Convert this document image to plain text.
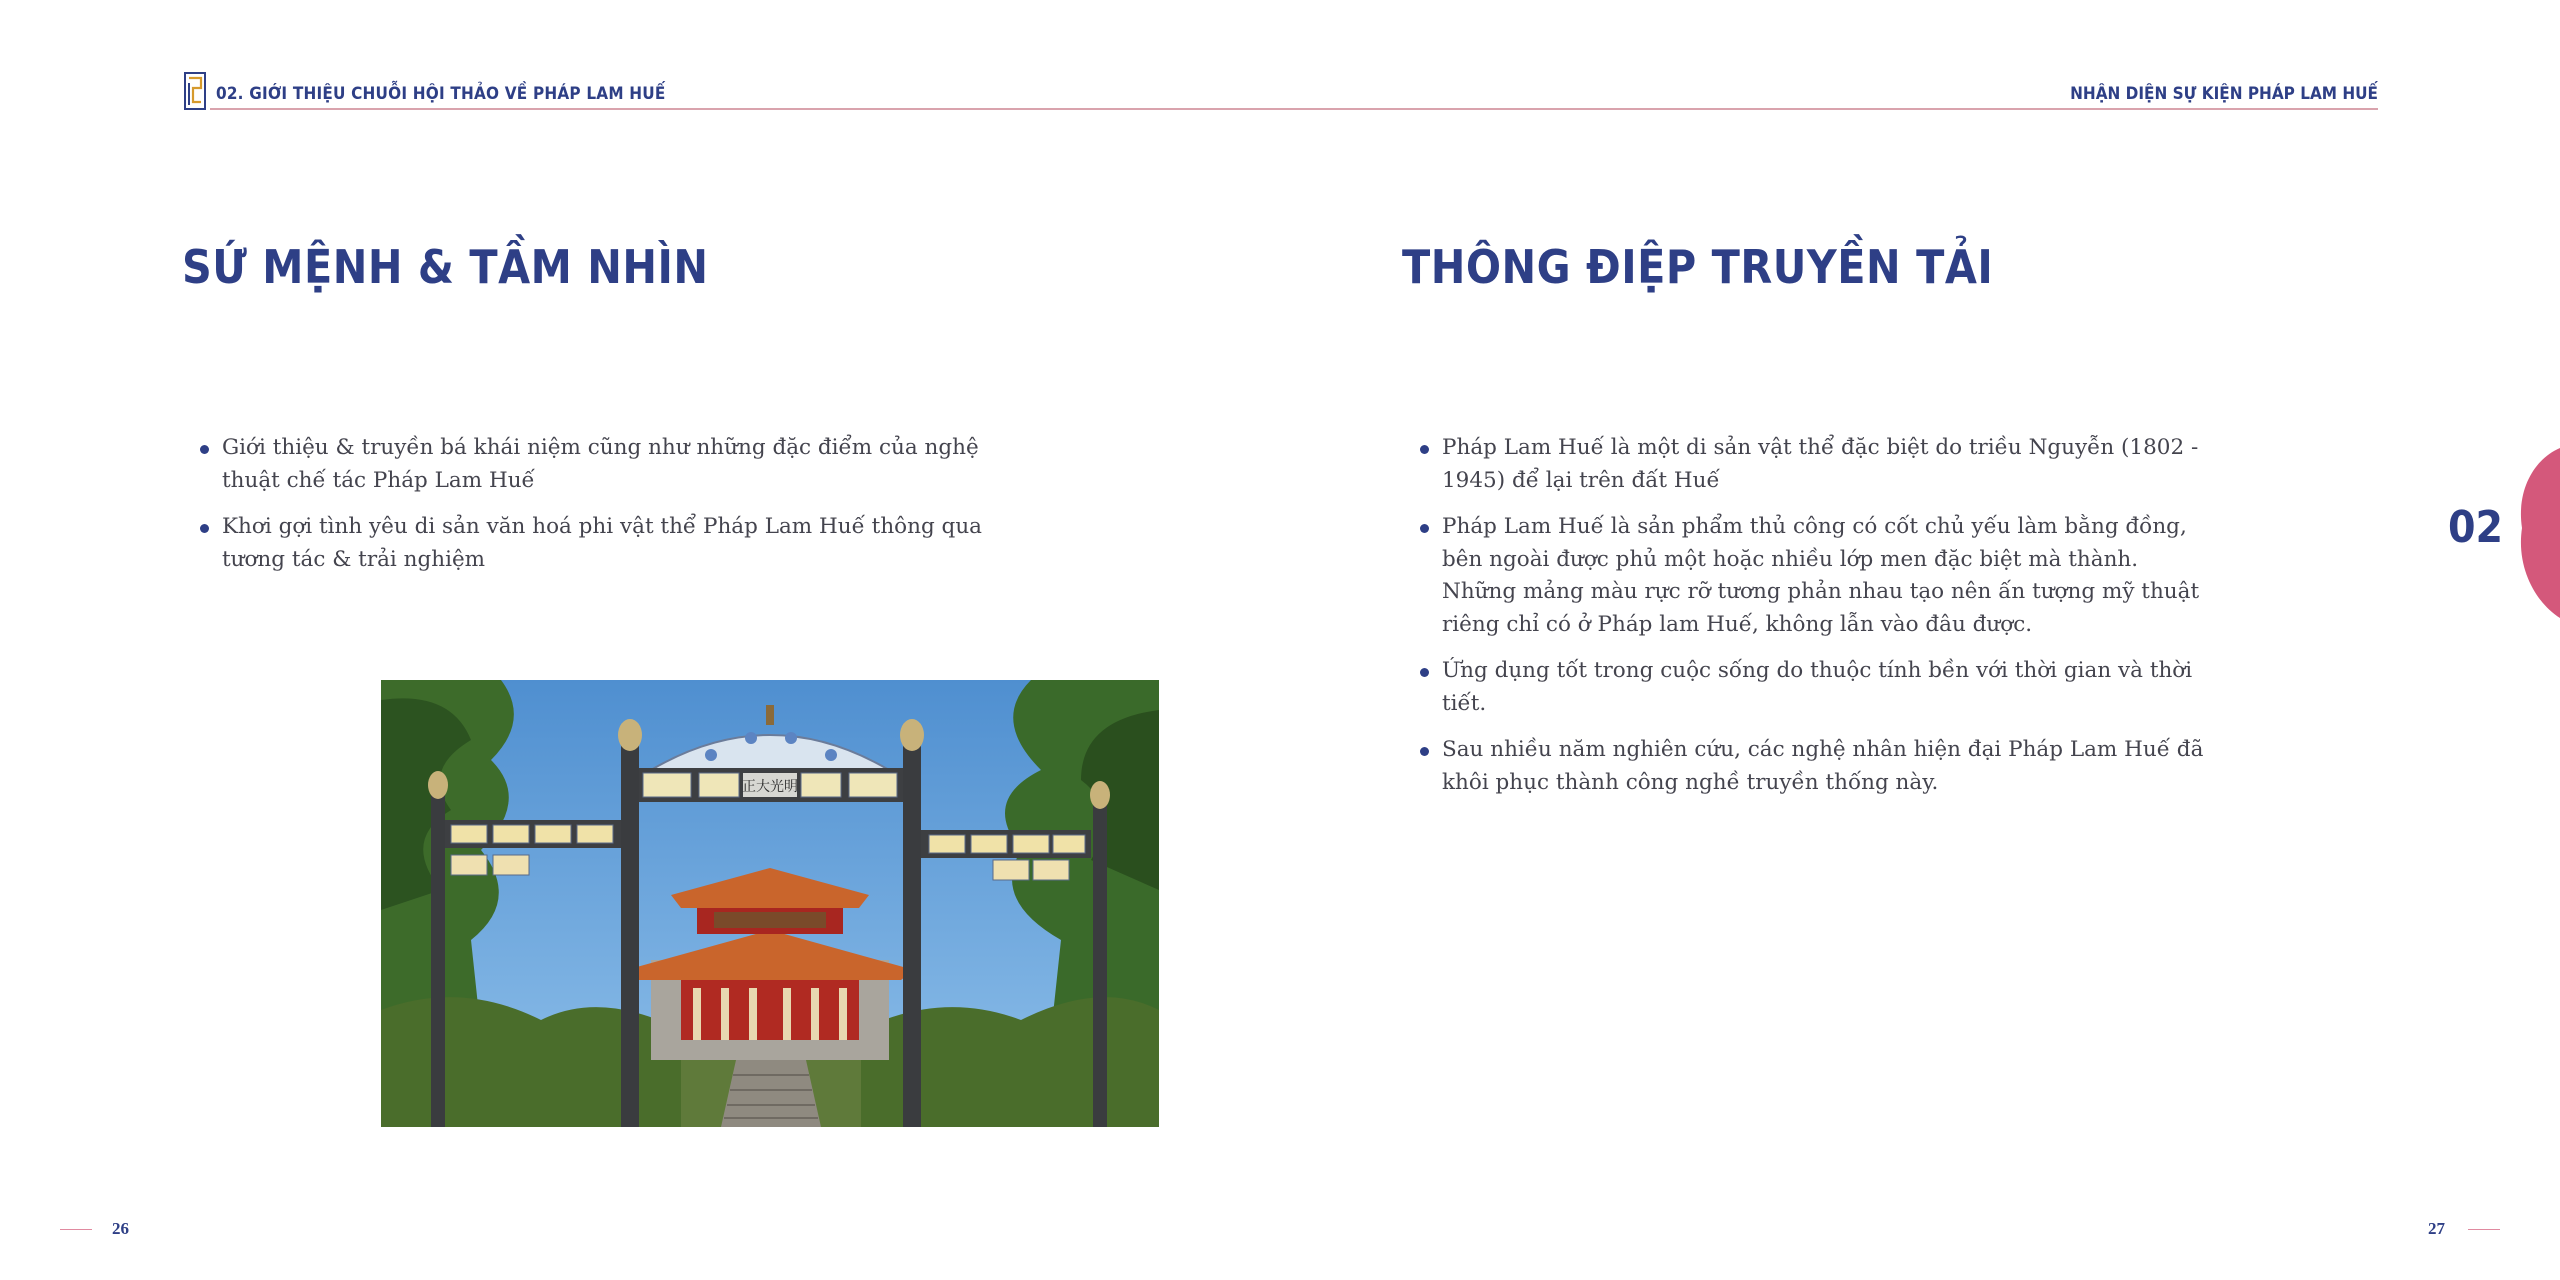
02. GIỚI THIỆU CHUỖI HỘI THẢO VỀ PHÁP LAM HUẾ	NHẬN DIỆN SỰ KIỆN PHÁP LAM HUẾ
SỨ MỆNH & TẦM NHÌN
Giới thiệu & truyền bá khái niệm cũng như những đặc điểm của nghệ thuật chế tác Pháp Lam Huế
Khơi gợi tình yêu di sản văn hoá phi vật thể Pháp Lam Huế thông qua tương tác & trải nghiệm
正大光明
THÔNG ĐIỆP TRUYỀN TẢI
Pháp Lam Huế là một di sản vật thể đặc biệt do triều Nguyễn (1802 - 1945) để lại trên đất Huế
Pháp Lam Huế là sản phẩm thủ công có cốt chủ yếu làm bằng đồng, bên ngoài được phủ một hoặc nhiều lớp men đặc biệt mà thành. Những mảng màu rực rỡ tương phản nhau tạo nên ấn tượng mỹ thuật riêng chỉ có ở Pháp lam Huế, không lẫn vào đâu được.
Ứng dụng tốt trong cuộc sống do thuộc tính bền với thời gian và thời tiết.
Sau nhiều năm nghiên cứu, các nghệ nhân hiện đại Pháp Lam Huế đã khôi phục thành công nghề truyền thống này.
02
26	27
